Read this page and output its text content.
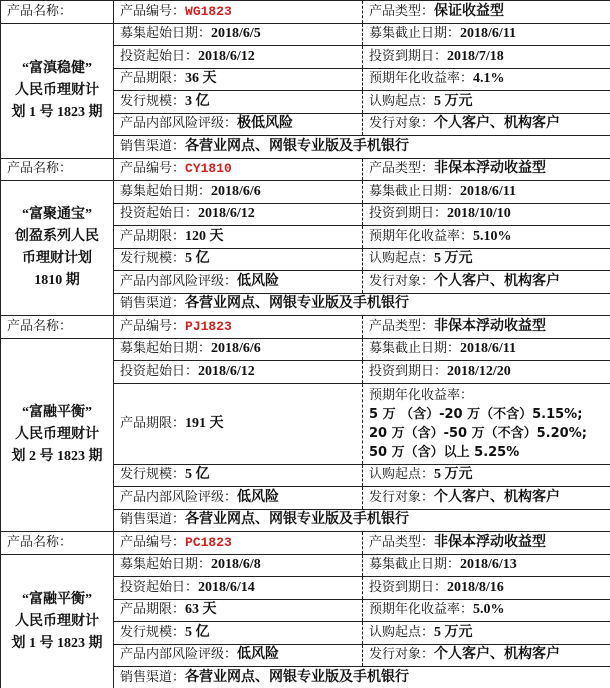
产品名称：	产品编号：WG1823	产品类型：保证收益型

“富滇稳健”
人民币理财计
划 1 号 1823 期	募集起始日期：2018/6/5	募集截止日期：2018/6/11
	投资起始日：2018/6/12	投资到期日：2018/7/18
	产品期限：36 天	预期年化收益率：4.1%
	发行规模：3 亿	认购起点：5 万元
	产品内部风险评级：极低风险	发行对象：个人客户、机构客户
	销售渠道：各营业网点、网银专业版及手机银行	
产品名称：	产品编号：CY1810	产品类型：非保本浮动收益型

“富聚通宝”
创盈系列人民
币理财计划
1810 期	募集起始日期：2018/6/6	募集截止日期：2018/6/11
	投资起始日：2018/6/12	投资到期日：2018/10/10
	产品期限：120 天	预期年化收益率：5.10%
	发行规模：5 亿	认购起点：5 万元
	产品内部风险评级：低风险	发行对象：个人客户、机构客户
	销售渠道：各营业网点、网银专业版及手机银行	
产品名称：	产品编号：PJ1823	产品类型：非保本浮动收益型

“富融平衡”
人民币理财计
划 2 号 1823 期	募集起始日期：2018/6/6	募集截止日期：2018/6/11
	投资起始日：2018/6/12	投资到期日：2018/12/20
	产品期限：191 天	预期年化收益率：
5 万 （含）-20 万（不含）5.15%;
20 万（含）-50 万（不含）5.20%;
50 万（含）以上 5.25%

	发行规模：5 亿	认购起点：5 万元
	产品内部风险评级：低风险	发行对象：个人客户、机构客户
	销售渠道：各营业网点、网银专业版及手机银行	
产品名称：	产品编号：PC1823	产品类型：非保本浮动收益型

“富融平衡”
人民币理财计
划 1 号 1823 期	募集起始日期：2018/6/8	募集截止日期：2018/6/13
	投资起始日：2018/6/14	投资到期日：2018/8/16
	产品期限：63 天	预期年化收益率：5.0%
	发行规模：5 亿	认购起点：5 万元
	产品内部风险评级：低风险	发行对象：个人客户、机构客户
	销售渠道：各营业网点、网银专业版及手机银行	
